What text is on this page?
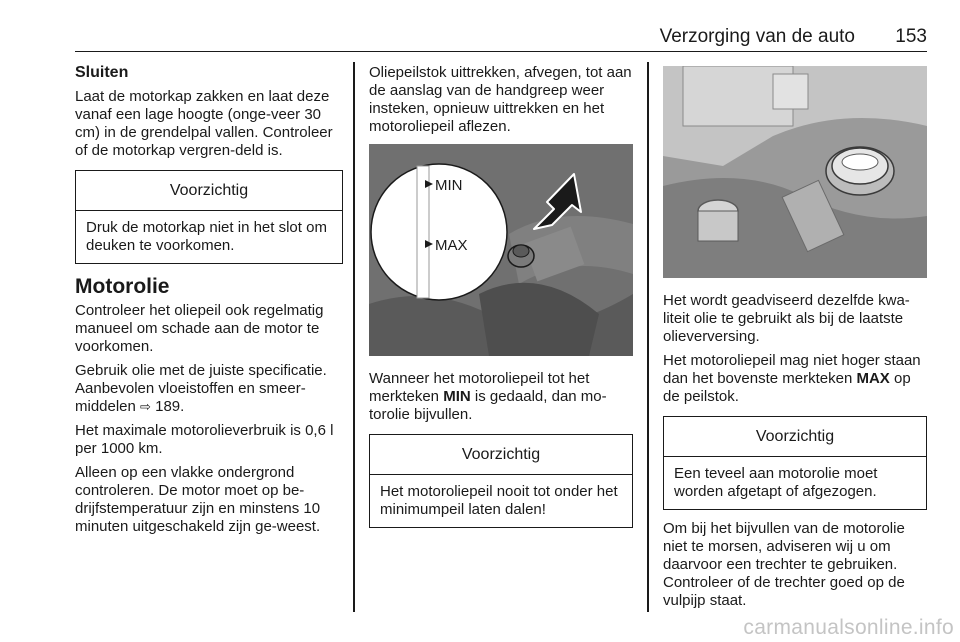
Verzorging van de auto 153
Sluiten

Laat de motorkap zakken en laat deze vanaf een lage hoogte (onge-veer 30 cm) in de grendelpal vallen. Controleer of de motorkap vergren-deld is.

Voorzichtig
Druk de motorkap niet in het slot om deuken te voorkomen.
Motorolie

Controleer het oliepeil ook regelmatig manueel om schade aan de motor te voorkomen.

Gebruik olie met de juiste specificatie. Aanbevolen vloeistoffen en smeer-middelen ⇨ 189.

Het maximale motorolieverbruik is 0,6 l per 1000 km.

Alleen op een vlakke ondergrond controleren. De motor moet op be-drijfstemperatuur zijn en minstens 10 minuten uitgeschakeld zijn ge-weest.

Oliepeilstok uittrekken, afvegen, tot aan de aanslag van de handgreep weer insteken, opnieuw uittrekken en het motoroliepeil aflezen.

MIN
MAX

Wanneer het motoroliepeil tot het merkteken MIN is gedaald, dan mo-torolie bijvullen.

Voorzichtig
Het motoroliepeil nooit tot onder het minimumpeil laten dalen!

Het wordt geadviseerd dezelfde kwa-liteit olie te gebruikt als bij de laatste olieverversing.

Het motoroliepeil mag niet hoger staan dan het bovenste merkteken MAX op de peilstok.

Voorzichtig
Een teveel aan motorolie moet worden afgetapt of afgezogen.

Om bij het bijvullen van de motorolie niet te morsen, adviseren wij u om daarvoor een trechter te gebruiken. Controleer of de trechter goed op de vulpijp staat.

carmanualsonline.info
